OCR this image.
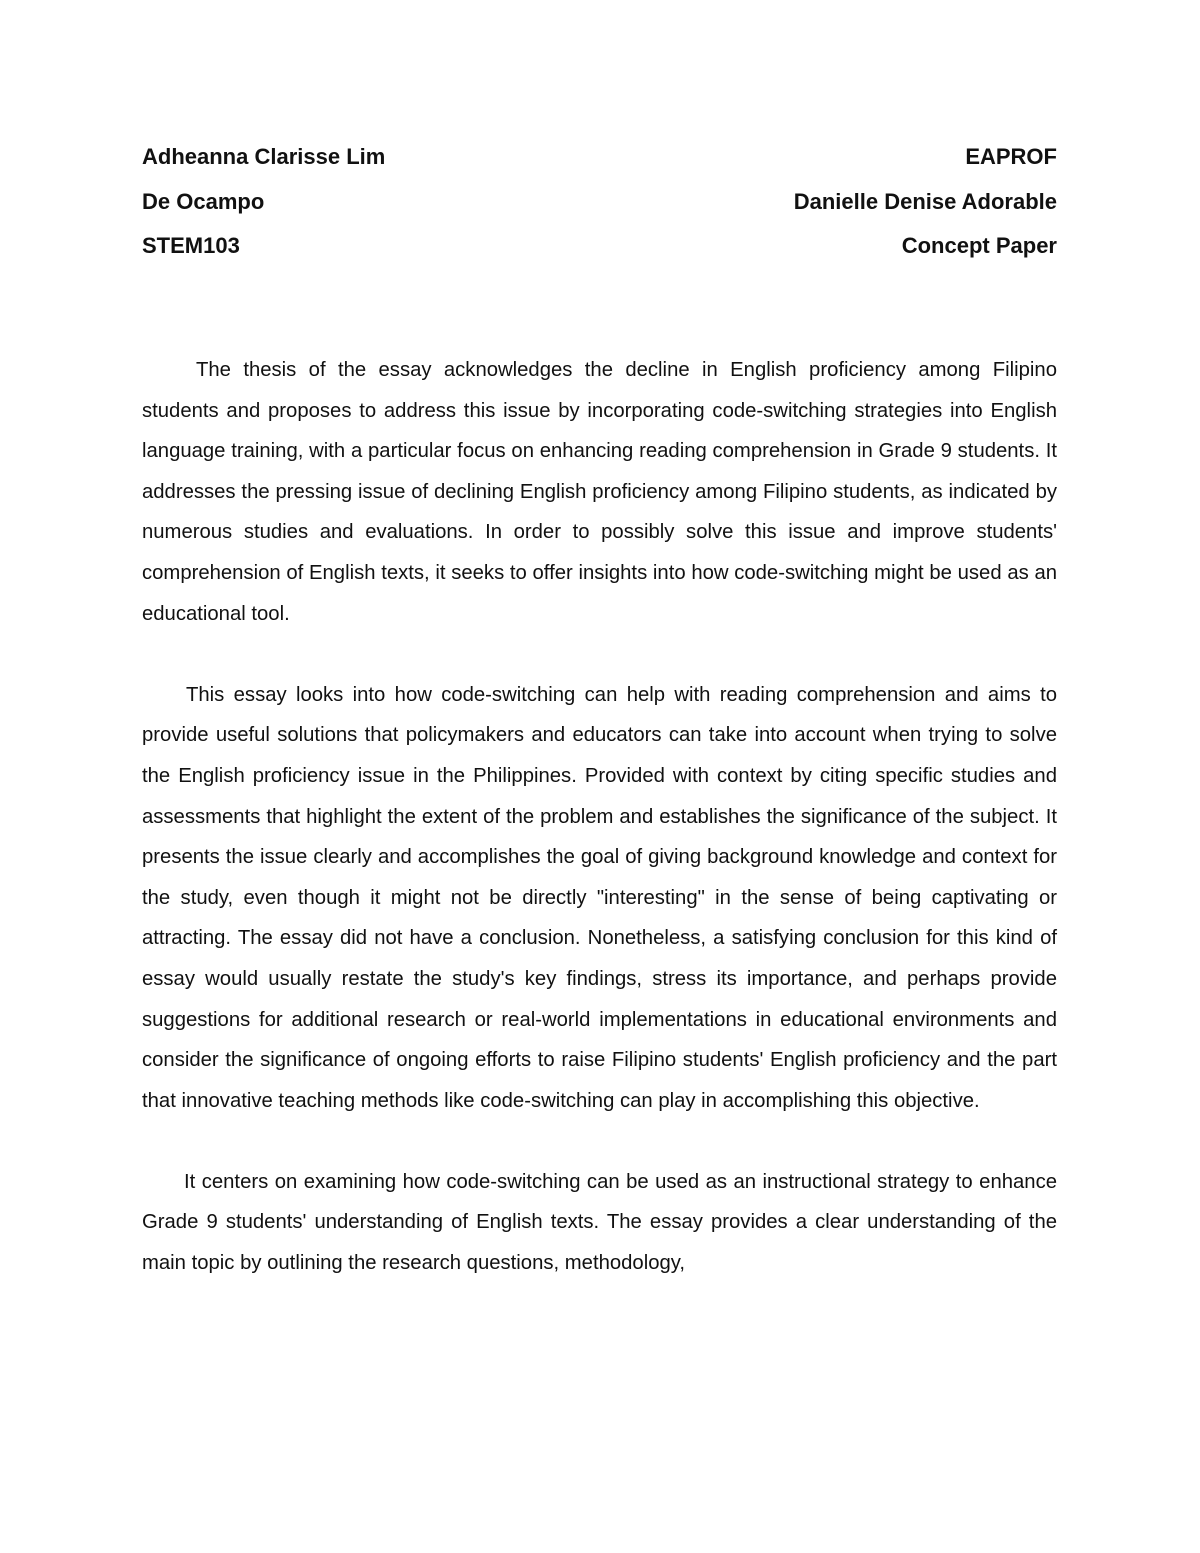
Adheanna Clarisse Lim	EAPROF
De Ocampo	Danielle Denise Adorable
STEM103	Concept Paper

The thesis of the essay acknowledges the decline in English proficiency among Filipino students and proposes to address this issue by incorporating code-switching strategies into English language training, with a particular focus on enhancing reading comprehension in Grade 9 students. It addresses the pressing issue of declining English proficiency among Filipino students, as indicated by numerous studies and evaluations. In order to possibly solve this issue and improve students' comprehension of English texts, it seeks to offer insights into how code-switching might be used as an educational tool.

This essay looks into how code-switching can help with reading comprehension and aims to provide useful solutions that policymakers and educators can take into account when trying to solve the English proficiency issue in the Philippines. Provided with context by citing specific studies and assessments that highlight the extent of the problem and establishes the significance of the subject. It presents the issue clearly and accomplishes the goal of giving background knowledge and context for the study, even though it might not be directly "interesting" in the sense of being captivating or attracting. The essay did not have a conclusion. Nonetheless, a satisfying conclusion for this kind of essay would usually restate the study's key findings, stress its importance, and perhaps provide suggestions for additional research or real-world implementations in educational environments and consider the significance of ongoing efforts to raise Filipino students' English proficiency and the part that innovative teaching methods like code-switching can play in accomplishing this objective.

It centers on examining how code-switching can be used as an instructional strategy to enhance Grade 9 students' understanding of English texts. The essay provides a clear understanding of the main topic by outlining the research questions, methodology,
